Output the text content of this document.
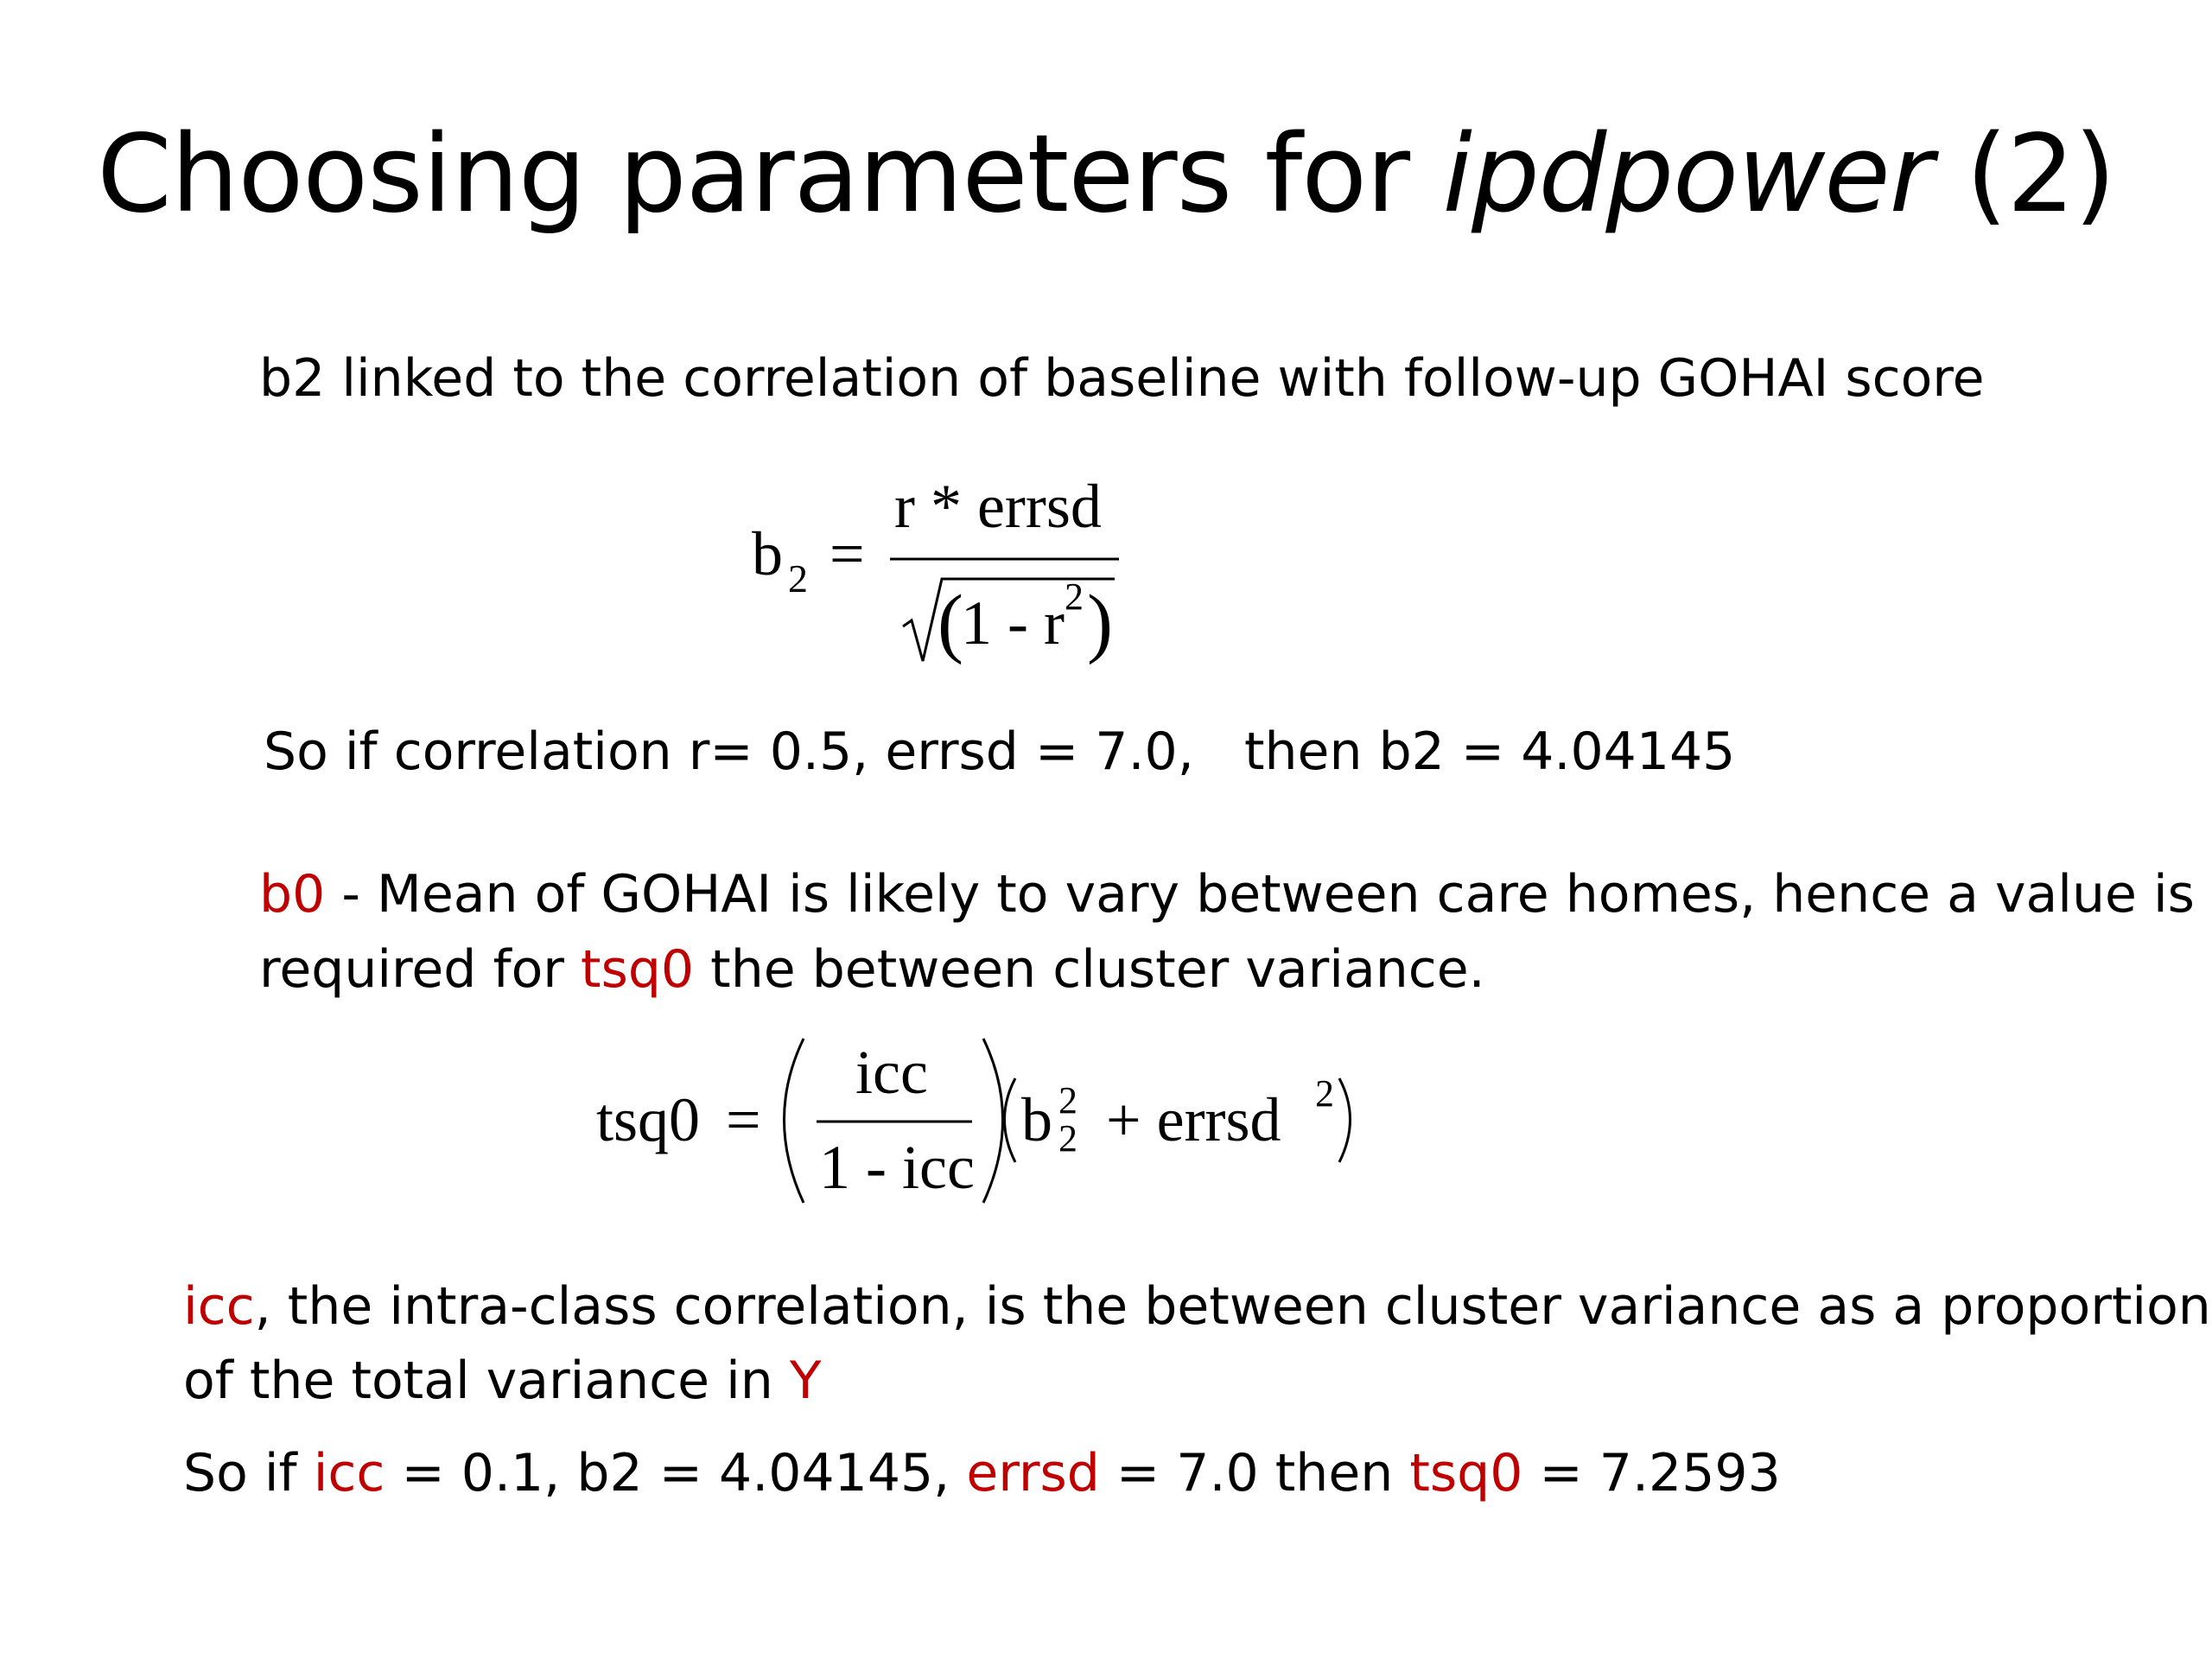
Choosing parameters for ipdpower (2)
b2 linked to the correlation of baseline with follow-up GOHAI score
b 2 =
r * errsd
(
1 - r 2 )
So if correlation r= 0.5, errsd = 7.0, then b2 = 4.04145
b0 - Mean of GOHAI is likely to vary between care homes, hence a value is
required for tsq0 the between cluster variance.
tsq0 =
icc
1 - icc
b 2
2 + errsd 2
icc, the intra-class correlation, is the between cluster variance as a proportion
of the total variance in Y
So if icc = 0.1, b2 = 4.04145, errsd = 7.0 then tsq0 = 7.2593
